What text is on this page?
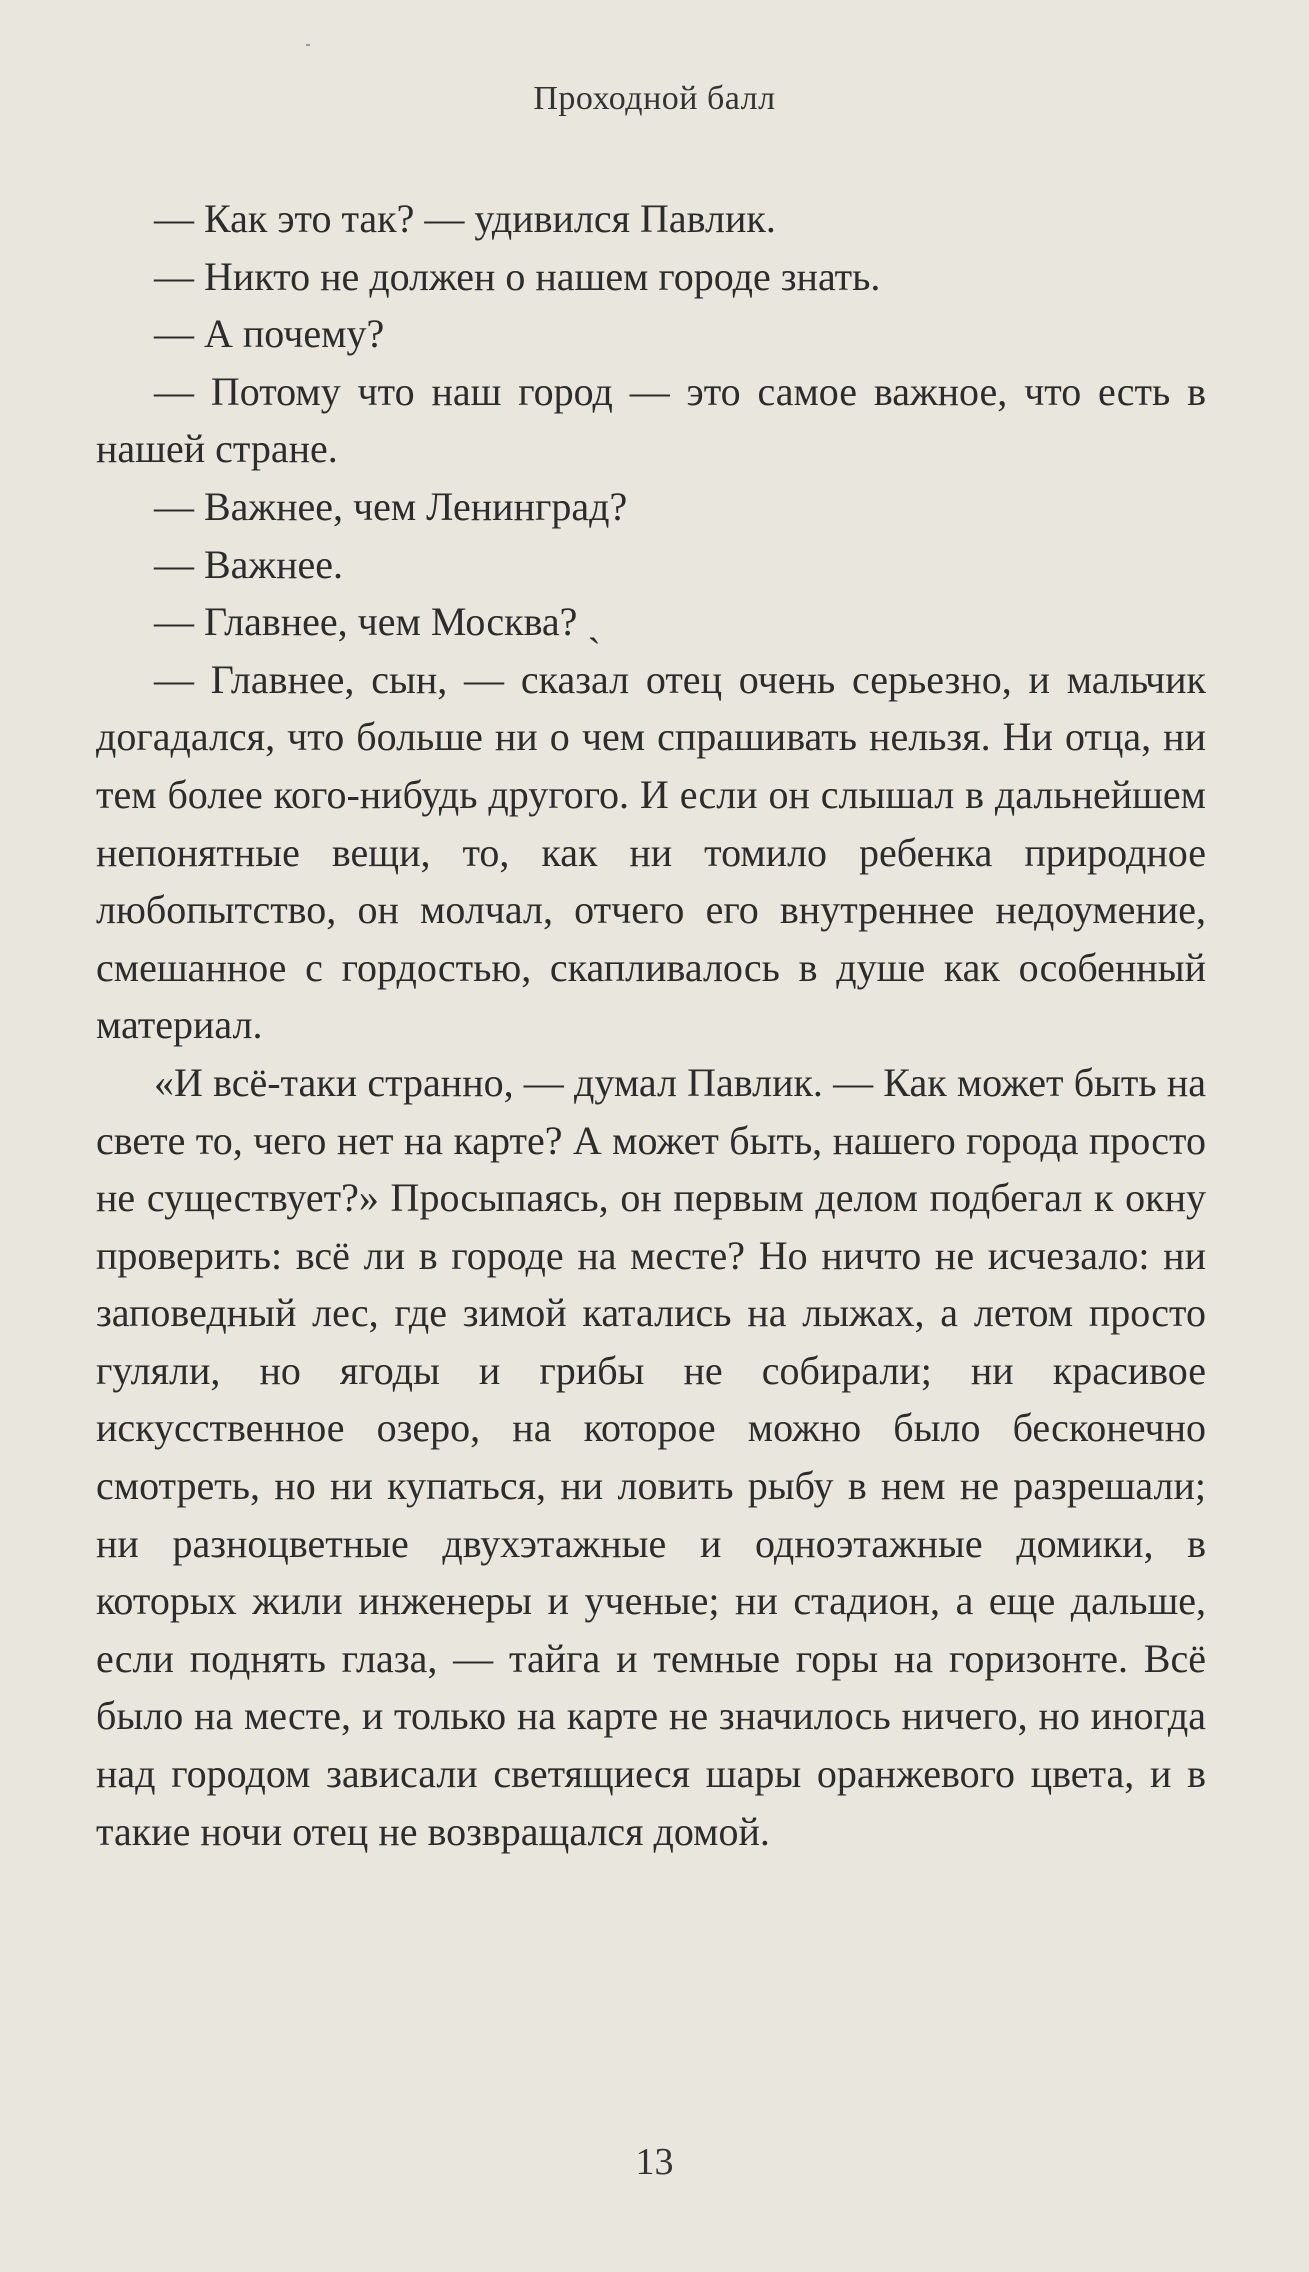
Проходной балл

— Как это так? — удивился Павлик.

— Никто не должен о нашем городе знать.

— А почему?

— Потому что наш город — это самое важное, что есть в нашей стране.

— Важнее, чем Ленинград?

— Важнее.

— Главнее, чем Москва? ˏ

— Главнее, сын, — сказал отец очень серьезно, и мальчик догадался, что больше ни о чем спрашивать нельзя. Ни отца, ни тем более кого-нибудь другого. И если он слышал в дальнейшем непонятные вещи, то, как ни томило ребенка природное любопытство, он молчал, отчего его внутреннее недоумение, смешанное с гордостью, скапливалось в душе как особенный материал.

«И всё-таки странно, — думал Павлик. — Как может быть на свете то, чего нет на карте? А может быть, нашего города просто не существует?» Просыпаясь, он первым делом подбегал к окну проверить: всё ли в городе на месте? Но ничто не исчезало: ни заповедный лес, где зимой катались на лыжах, а летом просто гуляли, но ягоды и грибы не собирали; ни красивое искусственное озеро, на которое можно было бесконечно смотреть, но ни купаться, ни ловить рыбу в нем не разрешали; ни разноцветные двухэтажные и одноэтажные домики, в которых жили инженеры и ученые; ни стадион, а еще дальше, если поднять глаза, — тайга и темные горы на горизонте. Всё было на месте, и только на карте не значилось ничего, но иногда над городом зависали светящиеся шары оранжевого цвета, и в такие ночи отец не возвращался домой.

13
